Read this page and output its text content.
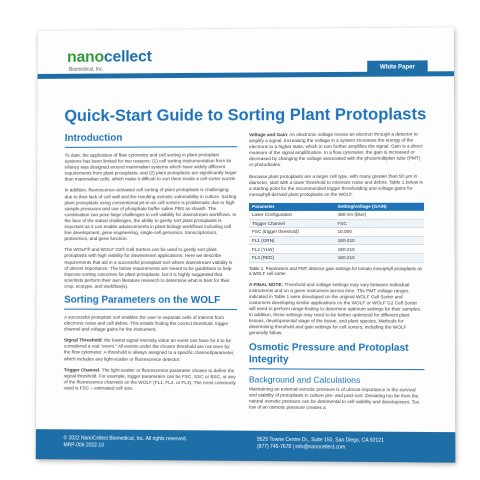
nanocellect
Biomedical, Inc.	White Paper
Quick-Start Guide to Sorting Plant Protoplasts
Introduction

To date, the application of flow cytometry and cell sorting in plant protoplast systems has been limited for two reasons: (1) cell sorting instrumentation from its infancy was designed around mammalian systems which have widely different requirements from plant protoplasts; and (2) plant protoplasts are significantly larger than mammalian cells, which make it difficult to sort them inside a cell sorter nozzle.

In addition, fluorescence-activated cell sorting of plant protoplasts is challenging due to their lack of cell wall and the resulting osmotic vulnerability in culture. Sorting plant protoplasts using conventional jet-in-air cell sorters is problematic due to high sample pressures and use of phosphate buffer saline PBS as sheath. The combination can pose large challenges to cell viability for downstream workflows. In the face of the stated challenges, the ability to gently sort plant protoplasts is important as it can enable advancements in plant biology workflows including cell line development, gene engineering, single-cell genomics, transcriptomics, proteomics, and gene function.

The WOLF® and WOLF G2® Cell Sorters can be used to gently sort plant protoplasts with high viability for downstream applications. Here we describe requirements that aid in a successful protoplast sort where downstream viability is of utmost importance. The below requirements are meant to be guidelines to help improve sorting outcomes for plant protoplasts, but it is highly suggested that scientists perform their own literature research to determine what is best for their crop, ecotype, and workflow(s).

Sorting Parameters on the WOLF

A successful protoplast sort enables the user to separate cells of interest from electronic noise and cell debris. This entails finding the correct threshold, trigger channel and voltage gains for the instrument.

Signal Threshold: the lowest signal intensity value an event can have for it to be considered a real "event." All events under the chosen threshold are not seen by the flow cytometer. A threshold is always assigned to a specific channel/parameter, which includes any light-scatter or fluorescence detector.

Trigger Channel: The light-scatter or fluorescence parameter chosen to define the signal threshold. For example, trigger parameters can be FSC, SSC or BSC, or any of the fluorescence channels on the WOLF (FL1, FL2, or FL3). The most commonly used is FSC – estimated cell size.

Voltage and Gain: An electronic voltage moves an electron through a detector to amplify a signal. Increasing the voltage in a system increases the energy of the electrons to a higher state, which in turn further amplifies the signal. Gain is a direct measure of the signal amplification. In a flow cytometer, the gain is increased or decreased by changing the voltage associated with the photomultiplier tube (PMT) or photodiodes.

Because plant protoplasts are a larger cell type, with many greater than 50 µm in diameter, start with a lower threshold to minimize noise and debris. Table 1 below is a starting point for the recommended trigger thresholding and voltage gains for mesophyll-derived plant protoplasts on the WOLF.

Parameter	Setting/voltage (GAIN)
Laser Configuration	488 nm (blue)
Trigger Channel	FSC
FSC (trigger threshold)	10,000
FL1 (GRN)	180-210
FL2 (YLW)	180-210
FL3 (RED)	180-210

Table 1. Parameters and PMT detector gain settings for tomato mesophyll protoplasts on a WOLF cell sorter.

A FINAL NOTE: Threshold and voltage settings may vary between individual instruments and on a given instrument across time. The PMT voltage ranges indicated in Table 1 were developed on the original WOLF Cell Sorter and customers developing similar applications on the WOLF or WOLF G2 Cell Sorter will need to perform range-finding to determine optimum settings for their samples. In addition, these settings may need to be further optimized for different plant tissues, developmental stage of the tissue, and plant species. Methods for determining threshold and gain settings for cell sorters, including the WOLF generally follow.

Osmotic Pressure and Protoplast Integrity
Background and Calculations

Maintaining an external osmotic pressure is of utmost importance in the survival and stability of protoplasts in culture pre- and post-sort. Deviating too far from the natural osmotic pressure can be detrimental to cell viability and development. Too low of an osmotic pressure creates a

© 2022 NanoCellect Biomedical, Inc. All rights reserved.
MRP-006 2022-10
9525 Towne Centre Dr., Suite 150, San Diego, CA 92121
(877) 745-7678 | info@nanocellect.com
